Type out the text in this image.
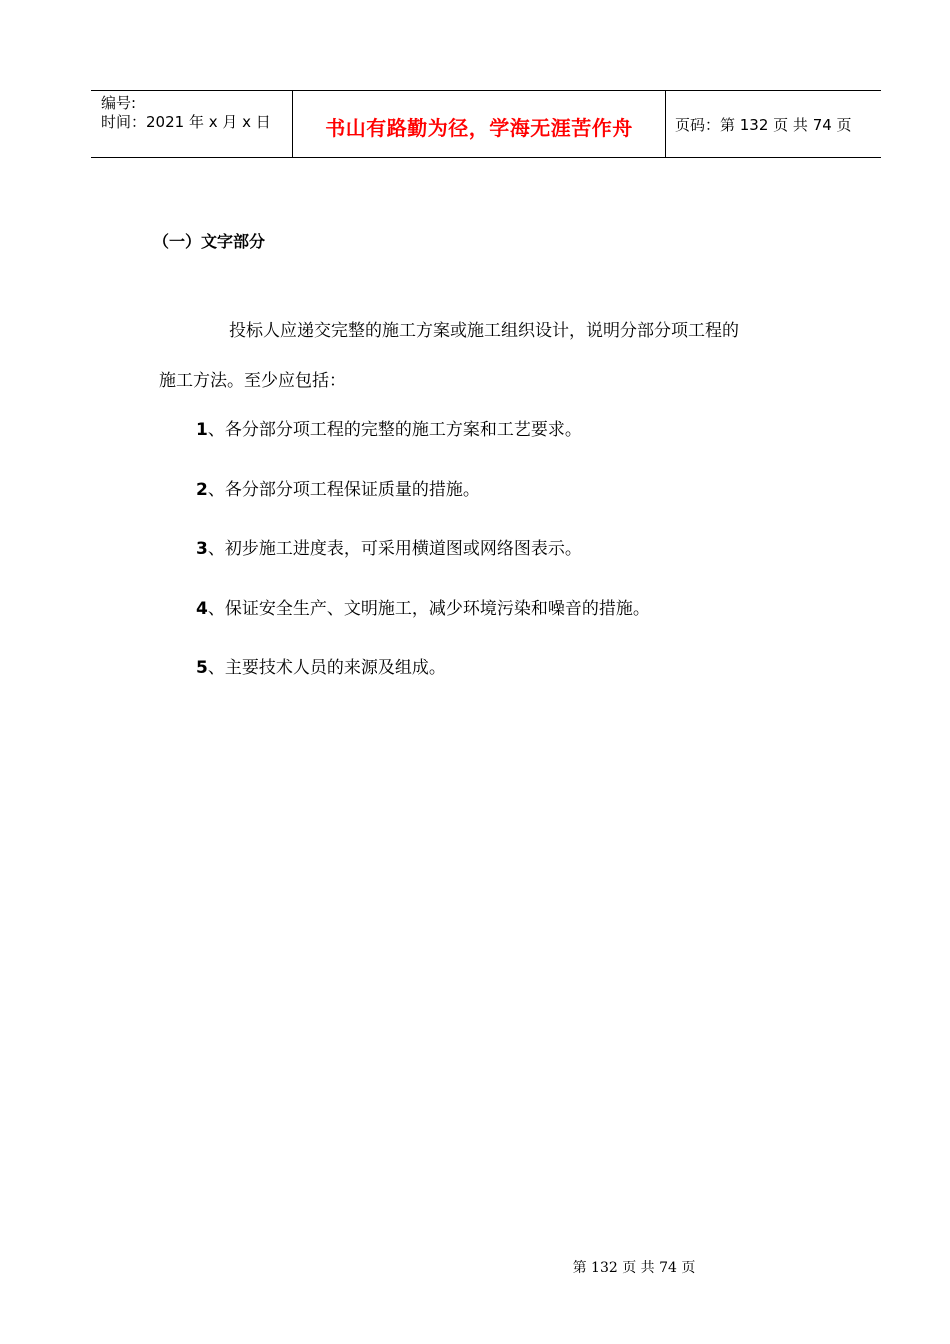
编号:
时间：2021 年 x 月 x 日	书山有路勤为径，学海无涯苦作舟	页码：第 132 页 共 74 页
（一）文字部分
投标人应递交完整的施工方案或施工组织设计，说明分部分项工程的
施工方法。至少应包括：
1、各分部分项工程的完整的施工方案和工艺要求。
2、各分部分项工程保证质量的措施。
3、初步施工进度表，可采用横道图或网络图表示。
4、保证安全生产、文明施工，减少环境污染和噪音的措施。
5、主要技术人员的来源及组成。
第 132 页 共 74 页
